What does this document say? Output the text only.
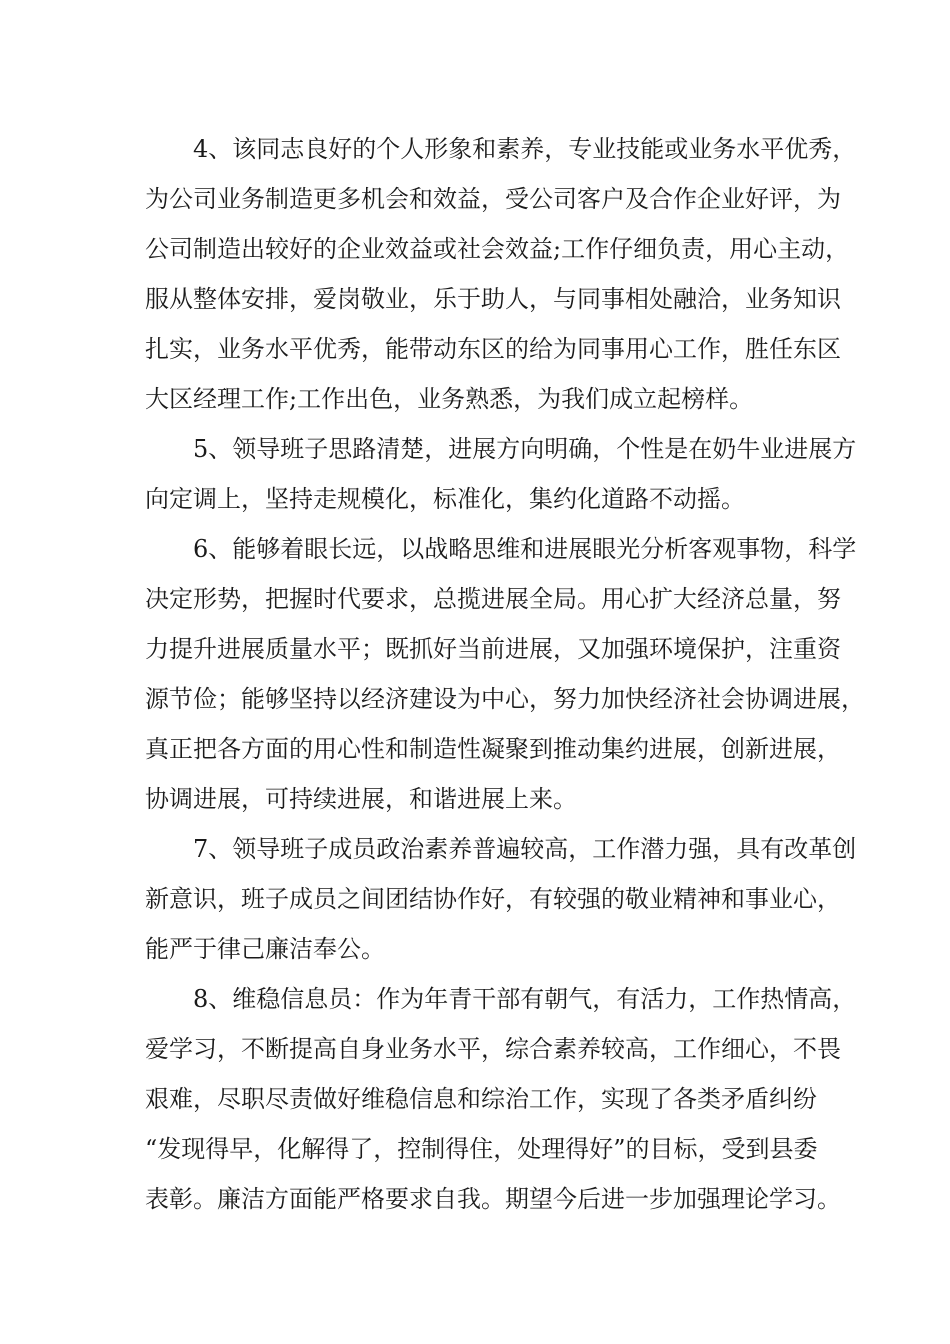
4、该同志良好的个人形象和素养，专业技能或业务水平优秀，
为公司业务制造更多机会和效益，受公司客户及合作企业好评，为
公司制造出较好的企业效益或社会效益;工作仔细负责，用心主动，
服从整体安排，爱岗敬业，乐于助人，与同事相处融洽，业务知识
扎实，业务水平优秀，能带动东区的给为同事用心工作，胜任东区
大区经理工作;工作出色，业务熟悉，为我们成立起榜样。
5、领导班子思路清楚，进展方向明确，个性是在奶牛业进展方
向定调上，坚持走规模化，标准化，集约化道路不动摇。
6、能够着眼长远，以战略思维和进展眼光分析客观事物，科学
决定形势，把握时代要求，总揽进展全局。用心扩大经济总量，努
力提升进展质量水平；既抓好当前进展，又加强环境保护，注重资
源节俭；能够坚持以经济建设为中心，努力加快经济社会协调进展，
真正把各方面的用心性和制造性凝聚到推动集约进展，创新进展，
协调进展，可持续进展，和谐进展上来。
7、领导班子成员政治素养普遍较高，工作潜力强，具有改革创
新意识，班子成员之间团结协作好，有较强的敬业精神和事业心，
能严于律己廉洁奉公。
8、维稳信息员：作为年青干部有朝气，有活力，工作热情高，
爱学习，不断提高自身业务水平，综合素养较高，工作细心，不畏
艰难，尽职尽责做好维稳信息和综治工作，实现了各类矛盾纠纷
“发现得早，化解得了，控制得住，处理得好”的目标，受到县委
表彰。廉洁方面能严格要求自我。期望今后进一步加强理论学习。
